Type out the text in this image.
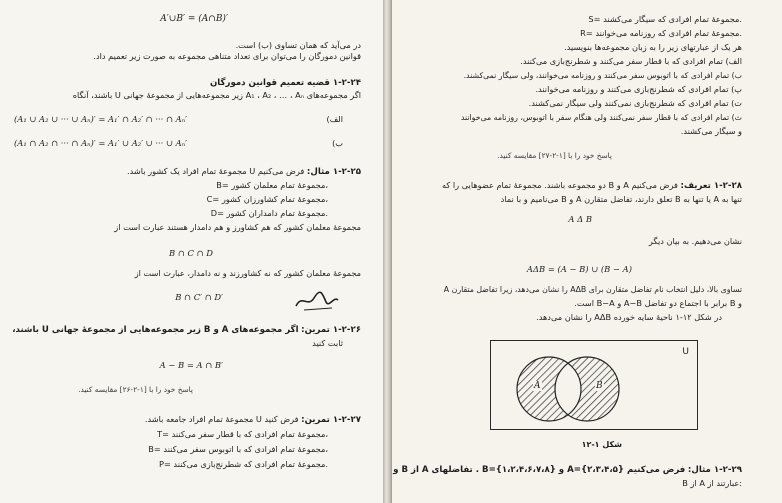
A′∪B′ = (A∩B)′
در می‌آید که همان تساوی (ب) است.
قوانین دمورگان را می‌توان برای تعداد متناهی مجموعه به صورت زیر تعمیم داد.
۱-۲-۲۴ قضیه تعمیم قوانین دمورگان
اگر مجموعه‌های A₁ ، A₂ ، … ، Aₙ زیر مجموعه‌هایی از مجموعهٔ جهانی U باشند، آنگاه
الف)
(A₁ ∪ A₂ ∪ ··· ∪ Aₙ)′ = A₁′ ∩ A₂′ ∩ ··· ∩ Aₙ′
ب)
(A₁ ∩ A₂ ∩ ··· ∩ Aₙ)′ = A₁′ ∪ A₂′ ∪ ··· ∪ Aₙ′
۱-۲-۲۵ مثال: فرض می‌کنیم U مجموعهٔ تمام افراد یک کشور باشد.
B= مجموعهٔ تمام معلمان کشور،
C= مجموعهٔ تمام کشاورزان کشور،
D= مجموعهٔ تمام دامداران کشور.
مجموعهٔ معلمان کشور که هم کشاورز و هم دامدار هستند عبارت است از
B ∩ C ∩ D
مجموعهٔ معلمان کشور که نه کشاورزند و نه دامدار، عبارت است از
B ∩ C′ ∩ D′
۱-۲-۲۶ تمرین: اگر مجموعه‌های A و B زیر مجموعه‌هایی از مجموعهٔ جهانی U باشند،
ثابت کنید
A − B = A ∩ B′
پاسخ خود را با [۱-۲-۲۶] مقایسه کنید.
۱-۲-۲۷ تمرین: فرض کنید U مجموعهٔ تمام افراد جامعه باشد.
T= مجموعهٔ تمام افرادی که با قطار سفر می‌کنند،
B= مجموعهٔ تمام افرادی که با اتوبوس سفر می‌کنند،
P= مجموعهٔ تمام افرادی که شطرنج‌بازی می‌کنند.
S= مجموعهٔ تمام افرادی که سیگار می‌کشند.
R= مجموعهٔ تمام افرادی که روزنامه می‌خوانند.
هر یک از عبارتهای زیر را به زبان مجموعه‌ها بنویسید.
الف) تمام افرادی که با قطار سفر می‌کنند و شطرنج‌بازی می‌کنند.
ب) تمام افرادی که با اتوبوس سفر می‌کنند و روزنامه می‌خوانند، ولی سیگار نمی‌کشند.
پ) تمام افرادی که شطرنج‌بازی می‌کنند و روزنامه می‌خوانند.
ت) تمام افرادی که شطرنج‌بازی نمی‌کنند ولی سیگار نمی‌کشند.
ث) تمام افرادی که با قطار سفر نمی‌کنند ولی هنگام سفر با اتوبوس، روزنامه می‌خوانند
و سیگار می‌کشند.
پاسخ خود را با [۱-۲-۲۷] مقایسه کنید.
۱-۲-۲۸ تعریف: فرض می‌کنیم A و B دو مجموعه باشند. مجموعهٔ تمام عضوهایی را که
تنها به A یا تنها به B تعلق دارند، تفاضل متقارن A و B می‌نامیم و با نماد
A Δ B
نشان می‌دهیم. به بیان دیگر
AΔB = (A − B) ∪ (B − A)
تساوی بالا، دلیل انتخاب نام تفاضل متقارن برای AΔB را نشان می‌دهد، زیرا تفاضل متقارن A
و B برابر با اجتماع دو تفاضل A−B و B−A است.
در شکل ۱۲-۱ ناحیهٔ سایه خورده AΔB را نشان می‌دهد.
شکل ۱-۱۲
۱-۲-۲۹ مثال: فرض می‌کنیم A={۲،۳،۴،۵} و B={۱،۲،۴،۶،۷،۸} . تفاضلهای A از B و
B از A عبارتند از:
U
A	B
